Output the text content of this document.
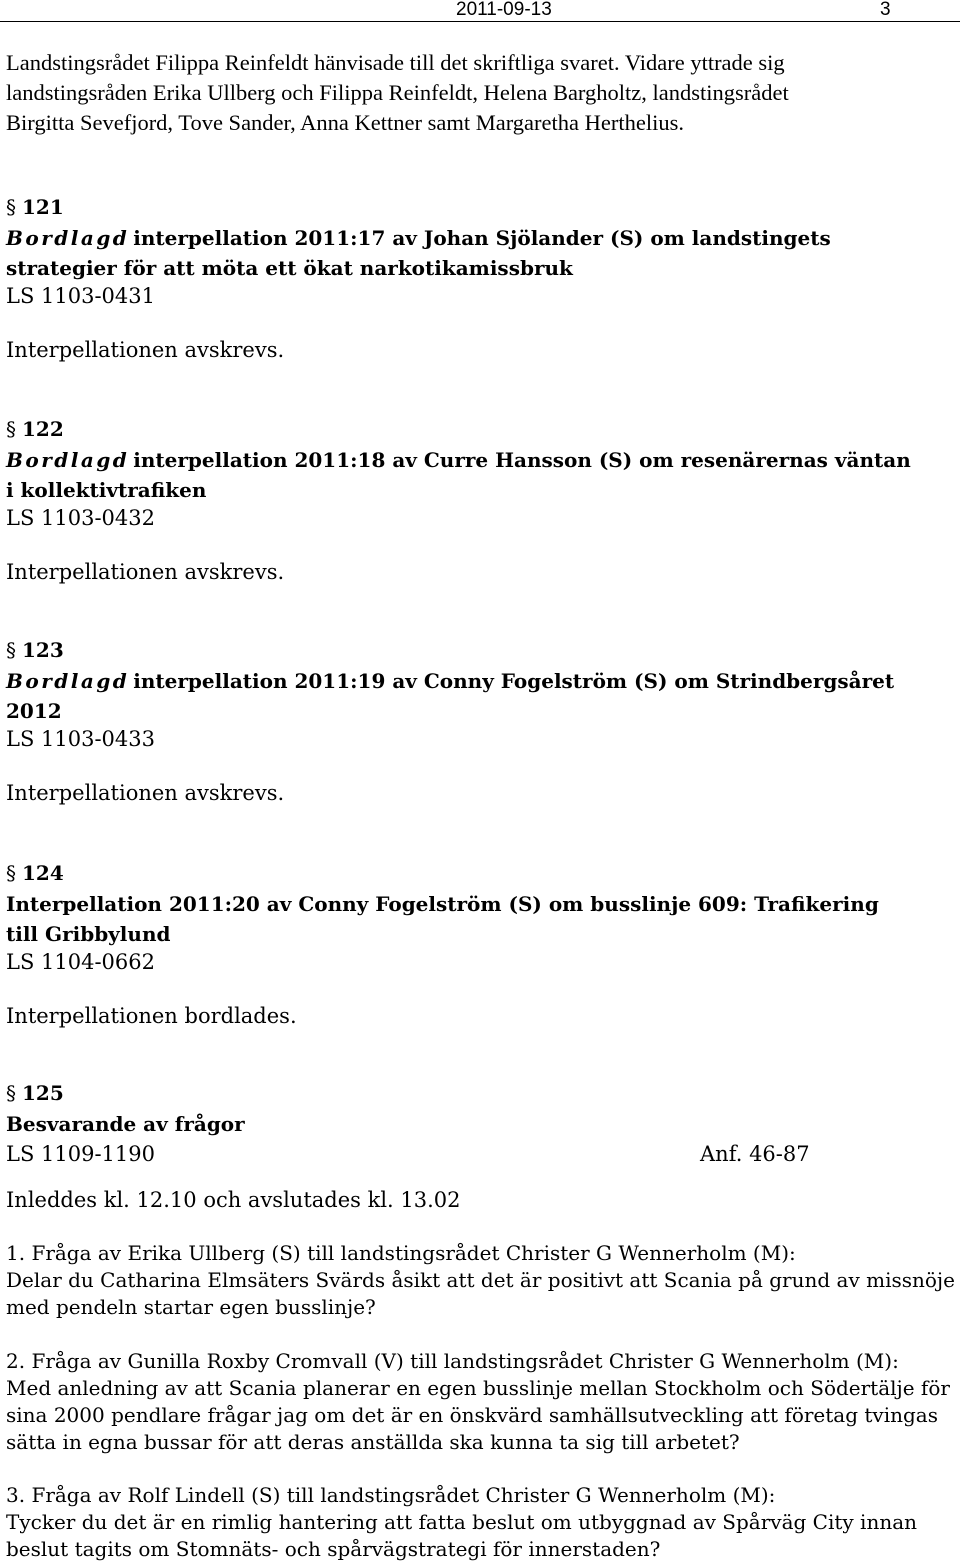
2011-09-13	3
Landstingsrådet Filippa Reinfeldt hänvisade till det skriftliga svaret. Vidare yttrade sig
landstingsråden Erika Ullberg och Filippa Reinfeldt, Helena Bargholtz, landstingsrådet
Birgitta Sevefjord, Tove Sander, Anna Kettner samt Margaretha Herthelius.
§ 121
Bordlagd interpellation 2011:17 av Johan Sjölander (S) om landstingets
strategier för att möta ett ökat narkotikamissbruk
LS 1103-0431
Interpellationen avskrevs.
§ 122
Bordlagd interpellation 2011:18 av Curre Hansson (S) om resenärernas väntan
i kollektivtrafiken
LS 1103-0432
Interpellationen avskrevs.
§ 123
Bordlagd interpellation 2011:19 av Conny Fogelström (S) om Strindbergsåret
2012
LS 1103-0433
Interpellationen avskrevs.
§ 124
Interpellation 2011:20 av Conny Fogelström (S) om busslinje 609: Trafikering
till Gribbylund
LS 1104-0662
Interpellationen bordlades.
§ 125
Besvarande av frågor
LS 1109-1190	Anf. 46-87
Inleddes kl. 12.10 och avslutades kl. 13.02
1. Fråga av Erika Ullberg (S) till landstingsrådet Christer G Wennerholm (M):
Delar du Catharina Elmsäters Svärds åsikt att det är positivt att Scania på grund av missnöje
med pendeln startar egen busslinje?
2. Fråga av Gunilla Roxby Cromvall (V) till landstingsrådet Christer G Wennerholm (M):
Med anledning av att Scania planerar en egen busslinje mellan Stockholm och Södertälje för
sina 2000 pendlare frågar jag om det är en önskvärd samhällsutveckling att företag tvingas
sätta in egna bussar för att deras anställda ska kunna ta sig till arbetet?
3. Fråga av Rolf Lindell (S) till landstingsrådet Christer G Wennerholm (M):
Tycker du det är en rimlig hantering att fatta beslut om utbyggnad av Spårväg City innan
beslut tagits om Stomnäts- och spårvägstrategi för innerstaden?
